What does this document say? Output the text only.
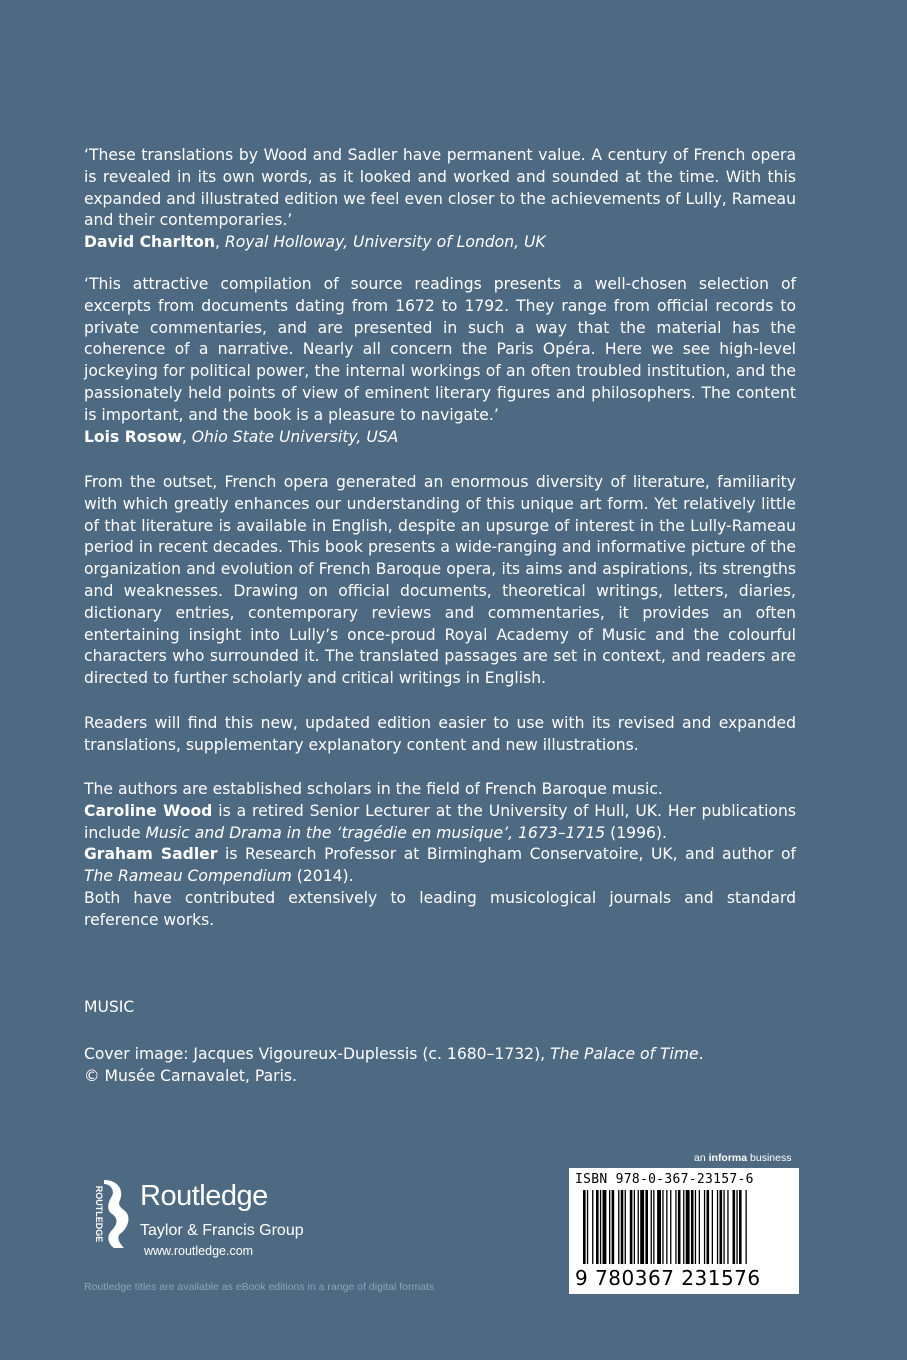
‘These translations by Wood and Sadler have permanent value. A century of French opera is revealed in its own words, as it looked and worked and sounded at the time. With this expanded and illustrated edition we feel even closer to the achievements of Lully, Rameau and their contemporaries.’

David Charlton, Royal Holloway, University of London, UK

‘This attractive compilation of source readings presents a well-chosen selection of excerpts from documents dating from 1672 to 1792. They range from official records to private commentaries, and are presented in such a way that the material has the coherence of a narrative. Nearly all concern the Paris Opéra. Here we see high-level jockeying for political power, the internal workings of an often troubled institution, and the passionately held points of view of eminent literary figures and philosophers. The content is important, and the book is a pleasure to navigate.’

Lois Rosow, Ohio State University, USA

From the outset, French opera generated an enormous diversity of literature, familiarity with which greatly enhances our understanding of this unique art form. Yet relatively little of that literature is available in English, despite an upsurge of interest in the Lully-Rameau period in recent decades. This book presents a wide-ranging and informative picture of the organization and evolution of French Baroque opera, its aims and aspirations, its strengths and weaknesses. Drawing on official documents, theoretical writings, letters, diaries, dictionary entries, contemporary reviews and commentaries, it provides an often entertaining insight into Lully’s once-proud Royal Academy of Music and the colourful characters who surrounded it. The translated passages are set in context, and readers are directed to further scholarly and critical writings in English.

Readers will find this new, updated edition easier to use with its revised and expanded translations, supplementary explanatory content and new illustrations.

The authors are established scholars in the field of French Baroque music.

Caroline Wood is a retired Senior Lecturer at the University of Hull, UK. Her publications include Music and Drama in the ‘tragédie en musique’, 1673–1715 (1996).

Graham Sadler is Research Professor at Birmingham Conservatoire, UK, and author of The Rameau Compendium (2014).

Both have contributed extensively to leading musicological journals and standard reference works.

MUSIC
Cover image: Jacques Vigoureux-Duplessis (c. 1680–1732), The Palace of Time.
© Musée Carnavalet, Paris.
an informa business
ROUTLEDGE Routledge
Taylor & Francis Group
www.routledge.com
Routledge titles are available as eBook editions in a range of digital formats
ISBN 978-0-367-23157-6
9 780367 231576
